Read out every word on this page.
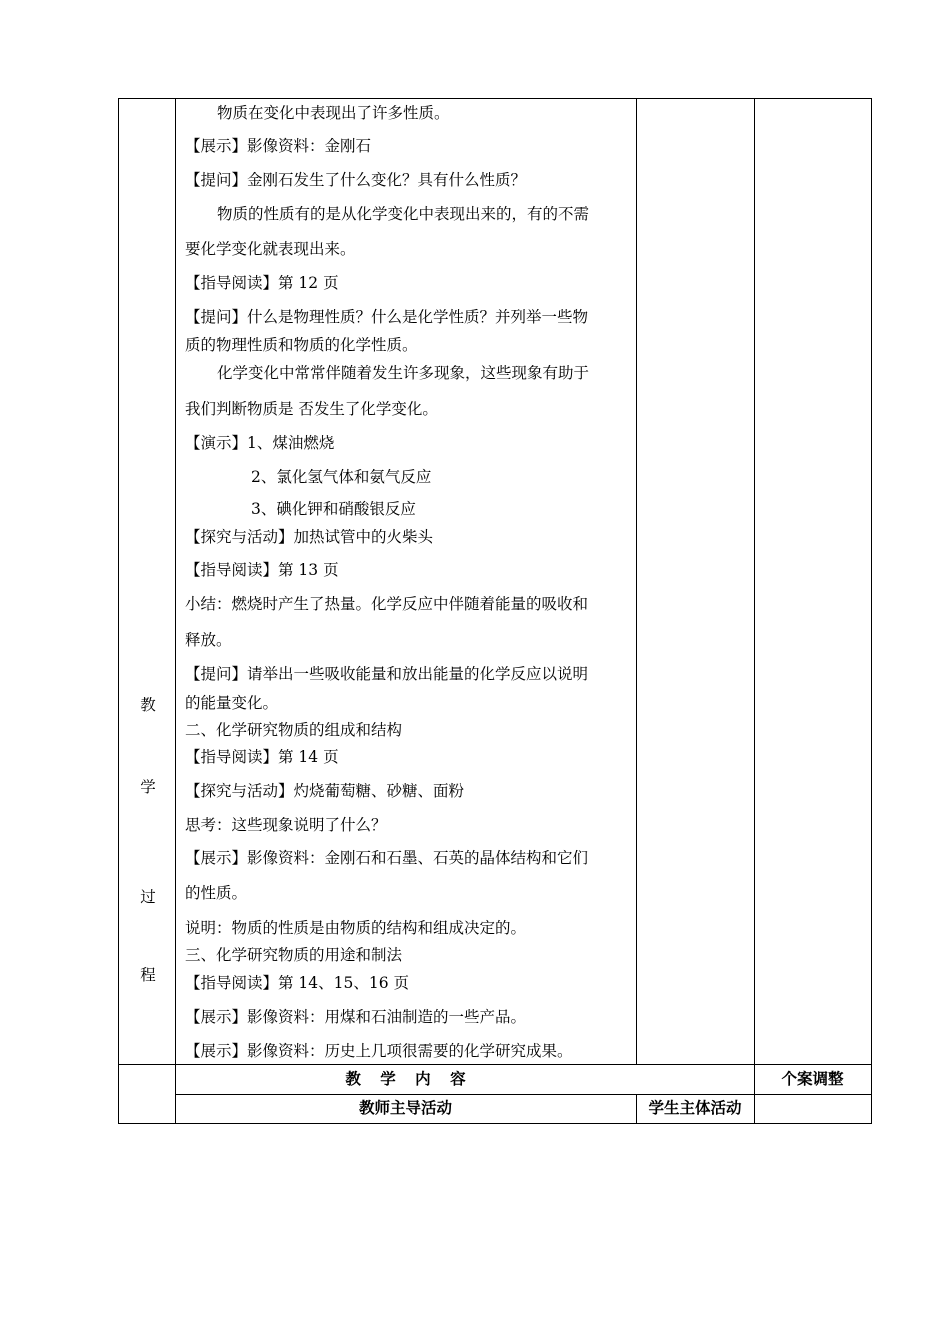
教
学
过
程
物质在变化中表现出了许多性质。
【展示】影像资料：金刚石
【提问】金刚石发生了什么变化？具有什么性质？
物质的性质有的是从化学变化中表现出来的，有的不需
要化学变化就表现出来。
【指导阅读】第 12 页
【提问】什么是物理性质？什么是化学性质？并列举一些物
质的物理性质和物质的化学性质。
化学变化中常常伴随着发生许多现象，这些现象有助于
我们判断物质是 否发生了化学变化。
【演示】1、煤油燃烧
2、氯化氢气体和氨气反应
3、碘化钾和硝酸银反应
【探究与活动】加热试管中的火柴头
【指导阅读】第 13 页
小结：燃烧时产生了热量。化学反应中伴随着能量的吸收和
释放。
【提问】请举出一些吸收能量和放出能量的化学反应以说明
的能量变化。
二、化学研究物质的组成和结构
【指导阅读】第 14 页
【探究与活动】灼烧葡萄糖、砂糖、面粉
思考：这些现象说明了什么？
【展示】影像资料：金刚石和石墨、石英的晶体结构和它们
的性质。
说明：物质的性质是由物质的结构和组成决定的。
三、化学研究物质的用途和制法
【指导阅读】第 14、15、16 页
【展示】影像资料：用煤和石油制造的一些产品。
【展示】影像资料：历史上几项很需要的化学研究成果。
教 学 内 容	个案调整
教师主导活动	学生主体活动
